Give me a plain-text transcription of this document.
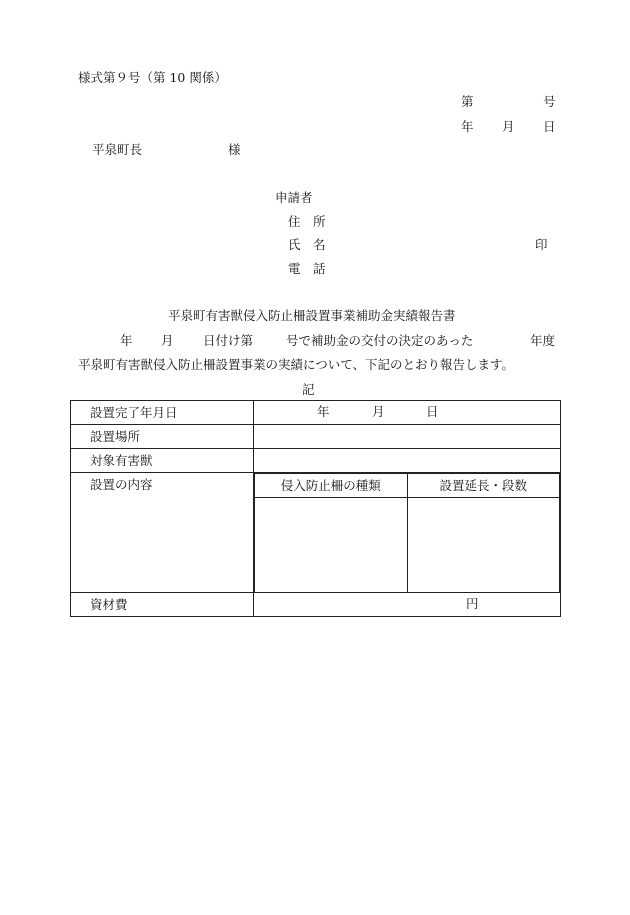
様式第９号（第 10 関係）
第	号
年 月 日
平泉町長	様
申請者
住　所
氏　名	印
電　話
平泉町有害獣侵入防止柵設置事業補助金実績報告書
年 月 日付け第	号で補助金の交付の決定のあった	年度
平泉町有害獣侵入防止柵設置事業の実績について、下記のとおり報告します。
記
設置完了年月日	年	月	日

設置場所	
対象有害獣	
設置の内容		侵入防止柵の種類	設置延長・段数

資材費	円
